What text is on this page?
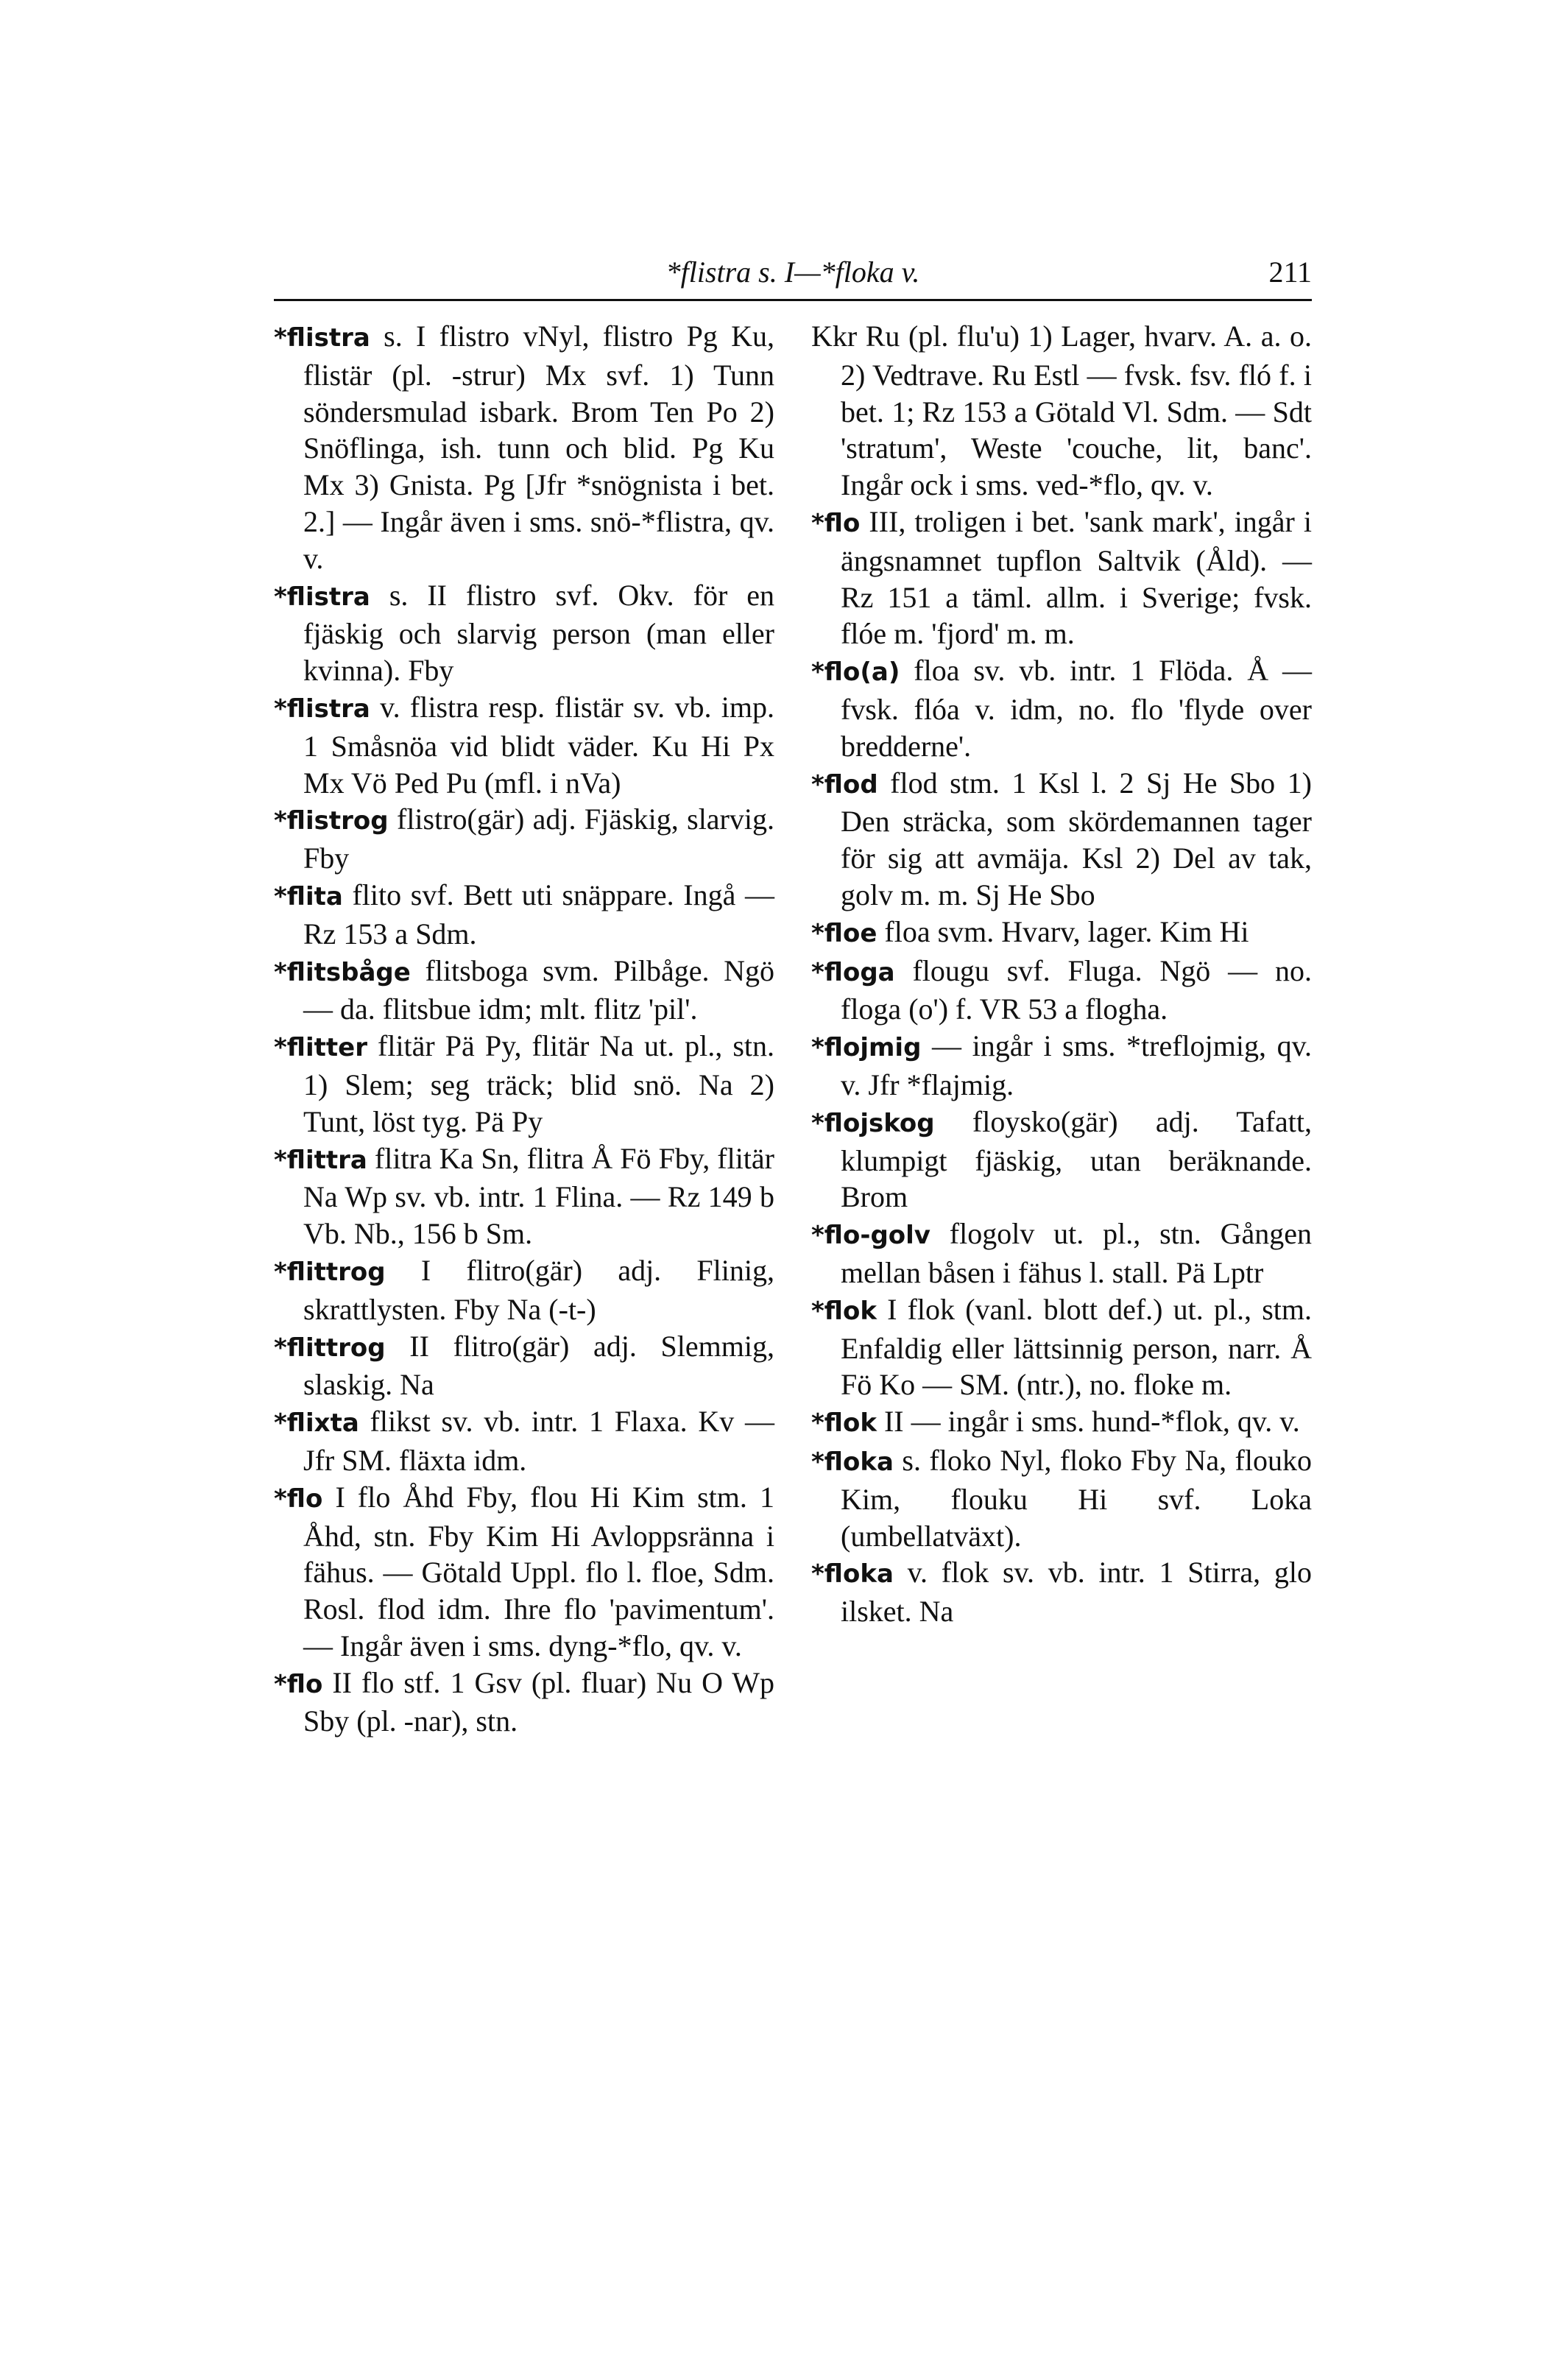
*flistra s. I—*floka v.	211
*flistra s. I flistro vNyl, flistro Pg Ku, flistär (pl. -strur) Mx svf. 1) Tunn söndersmulad isbark. Brom Ten Po 2) Snöflinga, ish. tunn och blid. Pg Ku Mx 3) Gnista. Pg [Jfr *snögnista i bet. 2.] — Ingår även i sms. snö-*flistra, qv. v.
*flistra s. II flistro svf. Okv. för en fjäskig och slarvig person (man eller kvinna). Fby
*flistra v. flistra resp. flistär sv. vb. imp. 1 Småsnöa vid blidt väder. Ku Hi Px Mx Vö Ped Pu (mfl. i nVa)
*flistrog flistro(gär) adj. Fjäskig, slarvig. Fby
*flita flito svf. Bett uti snäppare. Ingå — Rz 153 a Sdm.
*flitsbåge flitsboga svm. Pilbåge. Ngö — da. flitsbue idm; mlt. flitz 'pil'.
*flitter flitär Pä Py, flitär Na ut. pl., stn. 1) Slem; seg träck; blid snö. Na 2) Tunt, löst tyg. Pä Py
*flittra flitra Ka Sn, flitra Å Fö Fby, flitär Na Wp sv. vb. intr. 1 Flina. — Rz 149 b Vb. Nb., 156 b Sm.
*flittrog I flitro(gär) adj. Flinig, skrattlysten. Fby Na (-t-)
*flittrog II flitro(gär) adj. Slemmig, slaskig. Na
*flixta flikst sv. vb. intr. 1 Flaxa. Kv — Jfr SM. fläxta idm.
*flo I flo Åhd Fby, flou Hi Kim stm. 1 Åhd, stn. Fby Kim Hi Avloppsränna i fähus. — Götald Uppl. flo l. floe, Sdm. Rosl. flod idm. Ihre flo 'pavimentum'. — Ingår även i sms. dyng-*flo, qv. v.
*flo II flo stf. 1 Gsv (pl. fluar) Nu O Wp Sby (pl. -nar), stn.
Kkr Ru (pl. flu'u) 1) Lager, hvarv. A. a. o. 2) Vedtrave. Ru Estl — fvsk. fsv. fló f. i bet. 1; Rz 153 a Götald Vl. Sdm. — Sdt 'stratum', Weste 'couche, lit, banc'. Ingår ock i sms. ved-*flo, qv. v.
*flo III, troligen i bet. 'sank mark', ingår i ängsnamnet tupflon Saltvik (Åld). — Rz 151 a täml. allm. i Sverige; fvsk. flóe m. 'fjord' m. m.
*flo(a) floa sv. vb. intr. 1 Flöda. Å — fvsk. flóa v. idm, no. flo 'flyde over bredderne'.
*flod flod stm. 1 Ksl l. 2 Sj He Sbo 1) Den sträcka, som skördemannen tager för sig att avmäja. Ksl 2) Del av tak, golv m. m. Sj He Sbo
*floe floa svm. Hvarv, lager. Kim Hi
*floga flougu svf. Fluga. Ngö — no. floga (o') f. VR 53 a flogha.
*flojmig — ingår i sms. *treflojmig, qv. v. Jfr *flajmig.
*flojskog floysko(gär) adj. Tafatt, klumpigt fjäskig, utan beräknande. Brom
*flo-golv flogolv ut. pl., stn. Gången mellan båsen i fähus l. stall. Pä Lptr
*flok I flok (vanl. blott def.) ut. pl., stm. Enfaldig eller lättsinnig person, narr. Å Fö Ko — SM. (ntr.), no. floke m.
*flok II — ingår i sms. hund-*flok, qv. v.
*floka s. floko Nyl, floko Fby Na, flouko Kim, flouku Hi svf. Loka (umbellatväxt).
*floka v. flok sv. vb. intr. 1 Stirra, glo ilsket. Na
